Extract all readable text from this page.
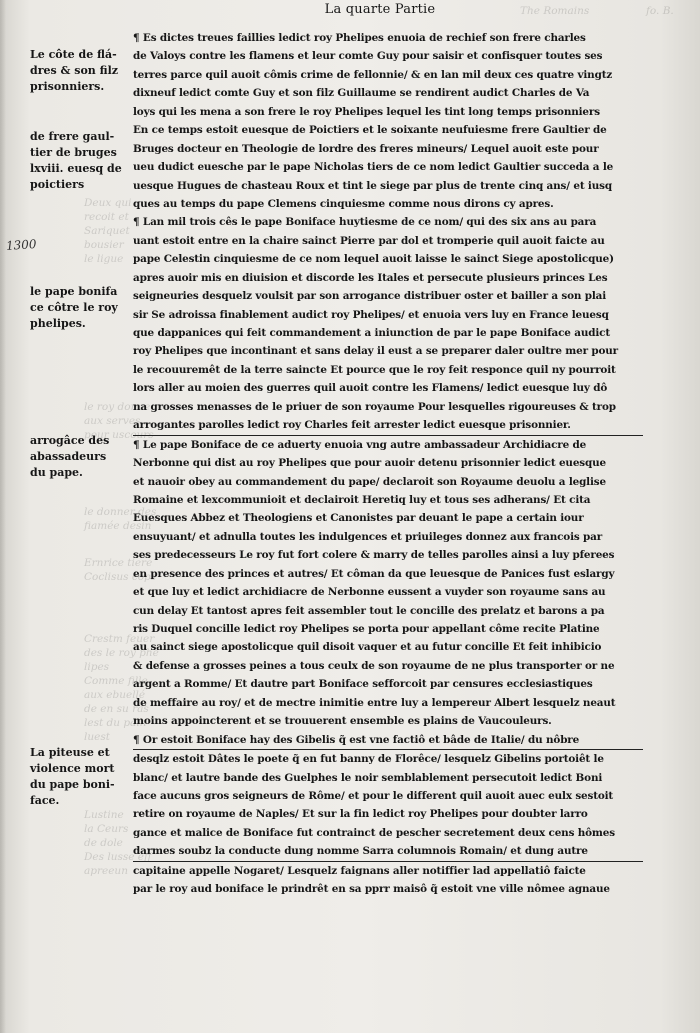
The Romains                 fo. B.
Deux qui
recoit et
Sariquet
bousier
le ligue
le roy donne
aux serves
pour uscours
le donner des
fiamée desin
Ernrice tiere
Coclisus cops
Crestm feuer
des le roy phe
lipes
Comme fille
aux ebuellé
de en su ras
lest du pain
luest
Lustine
la Ceurs
de dole
Des lusse eff
apreeun
La quarte Partie
1300
Le côte de flá-
dres & son filz
prisonniers.
de frere gaul-
tier de bruges
lxviii. euesq de
poictiers
le pape bonifa
ce côtre le roy
phelipes.
arrogâce des
abassadeurs
du pape.
La piteuse et
violence mort
du pape boni-
face.
¶ Es dictes treues faillies ledict roy Phelipes enuoia de rechief son frere charles
de Valoys contre les flamens et leur comte Guy pour saisir et confisquer toutes ses
terres parce quil auoit cômis crime de fellonnie/ & en lan mil deux ces quatre vingtz
dixneuf ledict comte Guy et son filz Guillaume se rendirent audict Charles de Va
loys qui les mena a son frere le roy Phelipes lequel les tint long temps prisonniers
En ce temps estoit euesque de Poictiers et le soixante neufuiesme frere Gaultier de
Bruges docteur en Theologie de lordre des freres mineurs/ Lequel auoit este pour
ueu dudict euesche par le pape Nicholas tiers de ce nom ledict Gaultier succeda a le
uesque Hugues de chasteau Roux et tint le siege par plus de trente cinq ans/ et iusq
ques au temps du pape Clemens cinquiesme comme nous dirons cy apres.
¶ Lan mil trois cês le pape Boniface huytiesme de ce nom/ qui des six ans au para
uant estoit entre en la chaire sainct Pierre par dol et tromperie quil auoit faicte au
pape Celestin cinquiesme de ce nom lequel auoit laisse le sainct Siege apostolicque)
apres auoir mis en diuision et discorde les Itales et persecute plusieurs princes Les
seigneuries desquelz voulsit par son arrogance distribuer oster et bailler a son plai
sir Se adroissa finablement audict roy Phelipes/ et enuoia vers luy en France leuesq
que dappanices qui feit commandement a iniunction de par le pape Boniface audict
roy Phelipes que incontinant et sans delay il eust a se preparer daler oultre mer pour
le recouuremêt de la terre saincte Et pource que le roy feit responce quil ny pourroit
lors aller au moien des guerres quil auoit contre les Flamens/ ledict euesque luy dô
na grosses menasses de le priuer de son royaume Pour lesquelles rigoureuses & trop
arrogantes parolles ledict roy Charles feit arrester ledict euesque prisonnier.
¶ Le pape Boniface de ce aduerty enuoia vng autre ambassadeur Archidiacre de
Nerbonne qui dist au roy Phelipes que pour auoir detenu prisonnier ledict euesque
et nauoir obey au commandement du pape/ declaroit son Royaume deuolu a leglise
Romaine et lexcommunioit et declairoit Heretiq luy et tous ses adherans/ Et cita
Euesques Abbez et Theologiens et Canonistes par deuant le pape a certain iour
ensuyuant/ et adnulla toutes les indulgences et priuileges donnez aux francois par
ses predecesseurs Le roy fut fort colere & marry de telles parolles ainsi a luy pferees
en presence des princes et autres/ Et côman da que leuesque de Panices fust eslargy
et que luy et ledict archidiacre de Nerbonne eussent a vuyder son royaume sans au
cun delay Et tantost apres feit assembler tout le concille des prelatz et barons a pa
ris Duquel concille ledict roy Phelipes se porta pour appellant côme recite Platine
au sainct siege apostolicque quil disoit vaquer et au futur concille Et feit inhibicio
& defense a grosses peines a tous ceulx de son royaume de ne plus transporter or ne
argent a Romme/ Et dautre part Boniface sefforcoit par censures ecclesiastiques
de meffaire au roy/ et de mectre inimitie entre luy a lempereur Albert lesquelz neaut
moins appoincterent et se trouuerent ensemble es plains de Vaucouleurs.
¶ Or estoit Boniface hay des Gibelis q̃ est vne factiô et bâde de Italie/ du nôbre
desqlz estoit Dâtes le poete q̃ en fut banny de Florêce/ lesquelz Gibelins portoiêt le
blanc/ et lautre bande des Guelphes le noir semblablement persecutoit ledict Boni
face aucuns gros seigneurs de Rôme/ et pour le different quil auoit auec eulx sestoit
retire on royaume de Naples/ Et sur la fin ledict roy Phelipes pour doubter larro
gance et malice de Boniface fut contrainct de pescher secretement deux cens hômes
darmes soubz la conducte dung nomme Sarra columnois Romain/ et dung autre
capitaine appelle Nogaret/ Lesquelz faignans aller notiffier lad appellatiô faicte
par le roy aud boniface le prindrêt en sa pprr maisô q̃ estoit vne ville nômee agnaue
